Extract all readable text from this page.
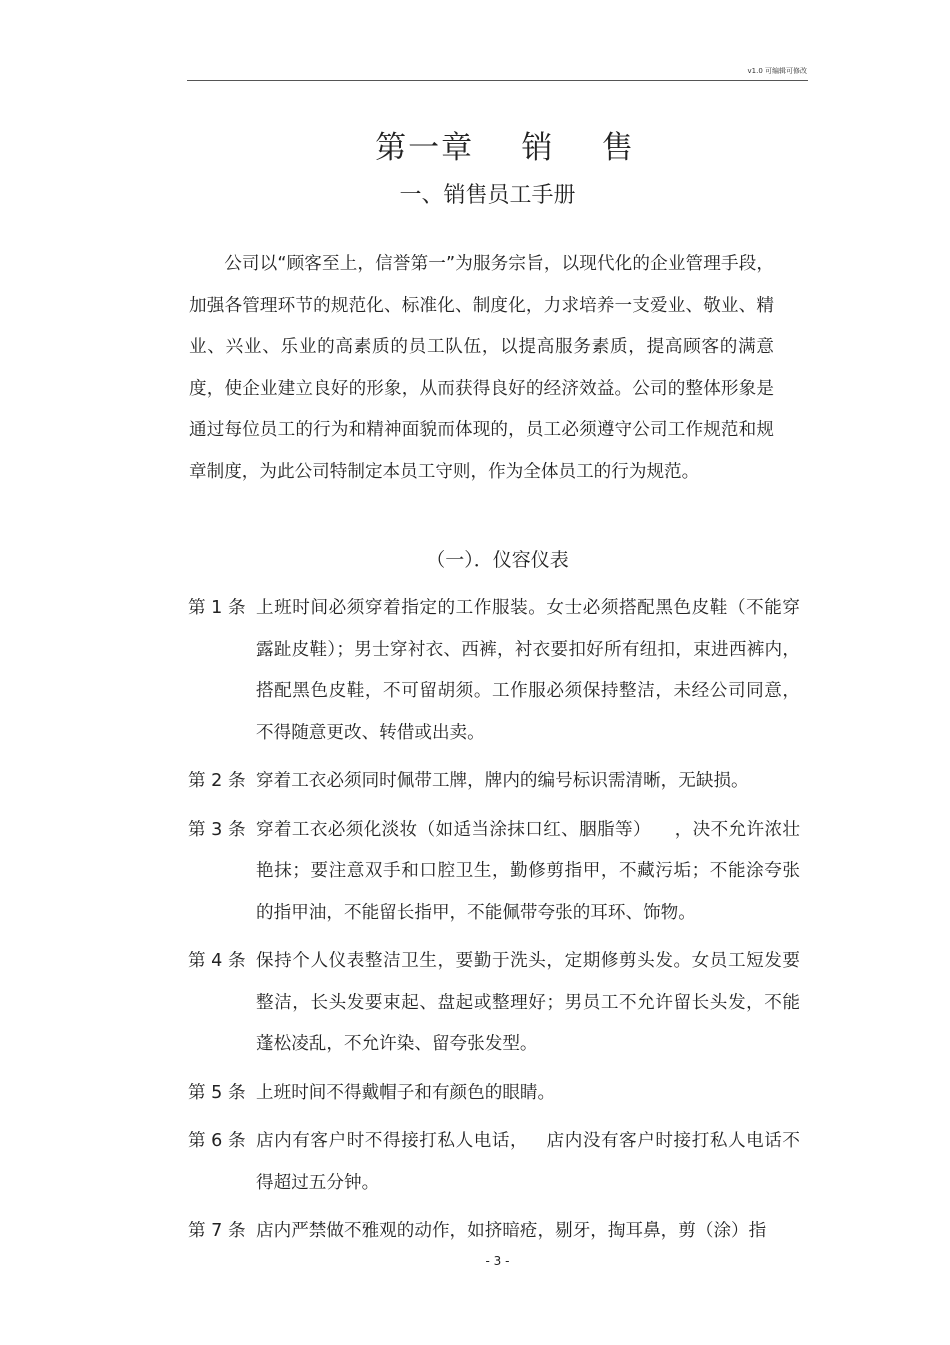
v1.0 可编辑可修改
第一章    销    售
一、销售员工手册
公司以“顾客至上，信誉第一”为服务宗旨，以现代化的企业管理手段，加强各管理环节的规范化、标准化、制度化，力求培养一支爱业、敬业、精业、兴业、乐业的高素质的员工队伍，以提高服务素质，提高顾客的满意度，使企业建立良好的形象，从而获得良好的经济效益。公司的整体形象是通过每位员工的行为和精神面貌而体现的，员工必须遵守公司工作规范和规章制度，为此公司特制定本员工守则，作为全体员工的行为规范。
（一）．仪容仪表
第 1 条 上班时间必须穿着指定的工作服装。女士必须搭配黑色皮鞋（不能穿露趾皮鞋）；男士穿衬衣、西裤，衬衣要扣好所有纽扣，束进西裤内，搭配黑色皮鞋，不可留胡须。工作服必须保持整洁，未经公司同意，不得随意更改、转借或出卖。
第 2 条 穿着工衣必须同时佩带工牌，牌内的编号标识需清晰，无缺损。
第 3 条 穿着工衣必须化淡妆（如适当涂抹口红、胭脂等）    ，决不允许浓壮艳抹；要注意双手和口腔卫生，勤修剪指甲，不藏污垢；不能涂夸张的指甲油，不能留长指甲，不能佩带夸张的耳环、饰物。
第 4 条 保持个人仪表整洁卫生，要勤于洗头，定期修剪头发。女员工短发要整洁，长头发要束起、盘起或整理好；男员工不允许留长头发，不能蓬松凌乱，不允许染、留夸张发型。
第 5 条 上班时间不得戴帽子和有颜色的眼睛。
第 6 条 店内有客户时不得接打私人电话，   店内没有客户时接打私人电话不得超过五分钟。
第 7 条 店内严禁做不雅观的动作，如挤暗疮，剔牙，掏耳鼻，剪（涂）指
- 3 -
